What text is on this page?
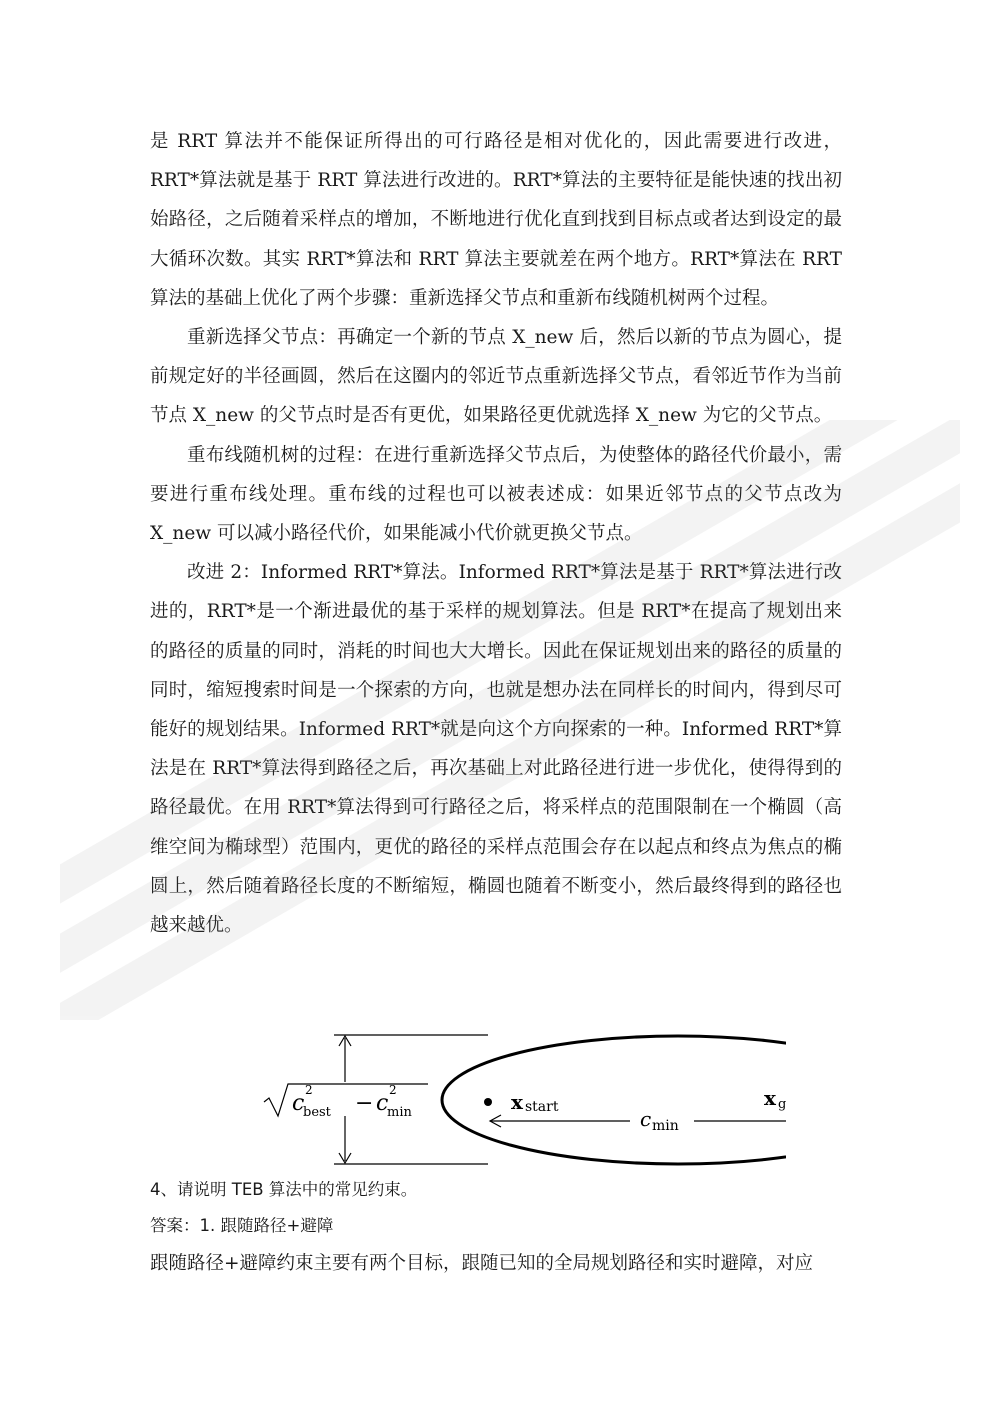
是 RRT 算法并不能保证所得出的可行路径是相对优化的，因此需要进行改进，RRT*算法就是基于 RRT 算法进行改进的。RRT*算法的主要特征是能快速的找出初始路径，之后随着采样点的增加，不断地进行优化直到找到目标点或者达到设定的最大循环次数。其实 RRT*算法和 RRT 算法主要就差在两个地方。RRT*算法在 RRT 算法的基础上优化了两个步骤：重新选择父节点和重新布线随机树两个过程。

重新选择父节点：再确定一个新的节点 X_new 后，然后以新的节点为圆心，提前规定好的半径画圆，然后在这圈内的邻近节点重新选择父节点，看邻近节作为当前节点 X_new 的父节点时是否有更优，如果路径更优就选择 X_new 为它的父节点。

重布线随机树的过程：在进行重新选择父节点后，为使整体的路径代价最小，需要进行重布线处理。重布线的过程也可以被表述成：如果近邻节点的父节点改为 X_new 可以减小路径代价，如果能减小代价就更换父节点。

改进 2：Informed RRT*算法。Informed RRT*算法是基于 RRT*算法进行改进的，RRT*是一个渐进最优的基于采样的规划算法。但是 RRT*在提高了规划出来的路径的质量的同时，消耗的时间也大大增长。因此在保证规划出来的路径的质量的同时，缩短搜索时间是一个探索的方向，也就是想办法在同样长的时间内，得到尽可能好的规划结果。Informed RRT*就是向这个方向探索的一种。Informed RRT*算法是在 RRT*算法得到路径之后，再次基础上对此路径进行进一步优化，使得得到的路径最优。在用 RRT*算法得到可行路径之后，将采样点的范围限制在一个椭圆（高维空间为椭球型）范围内，更优的路径的采样点范围会存在以起点和终点为焦点的椭圆上，然后随着路径长度的不断缩短，椭圆也随着不断变小，然后最终得到的路径也越来越优。

c
2
best − c
2
min	x start	x g
c min
4、请说明 TEB 算法中的常见约束。
答案：1. 跟随路径+避障
跟随路径+避障约束主要有两个目标，跟随已知的全局规划路径和实时避障，对应
